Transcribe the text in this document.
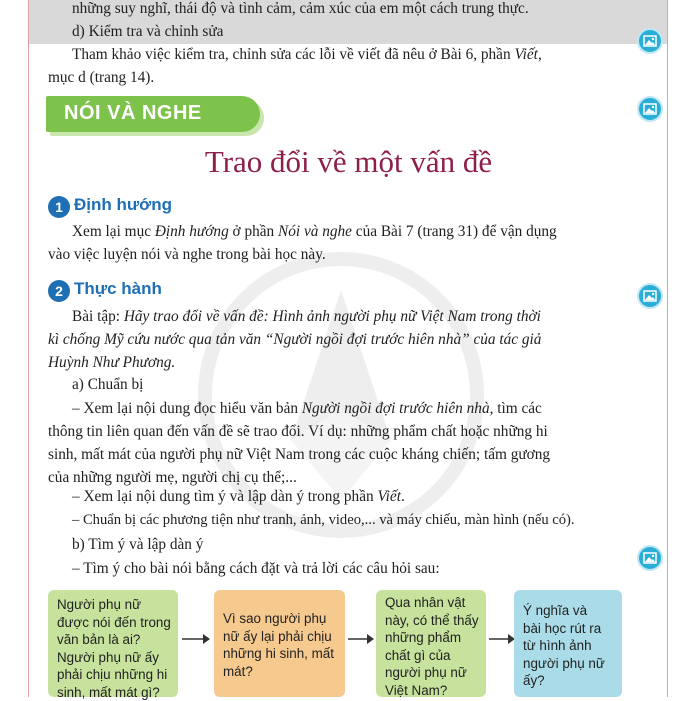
những suy nghĩ, thái độ và tình cảm, cảm xúc của em một cách trung thực.
d) Kiểm tra và chỉnh sửa
Tham khảo việc kiểm tra, chỉnh sửa các lỗi về viết đã nêu ở Bài 6, phần Viết,
mục d (trang 14).
NÓI VÀ NGHE
Trao đổi về một vấn đề
1 Định hướng
Xem lại mục Định hướng ở phần Nói và nghe của Bài 7 (trang 31) để vận dụng
vào việc luyện nói và nghe trong bài học này.
2 Thực hành
Bài tập: Hãy trao đổi về vấn đề: Hình ảnh người phụ nữ Việt Nam trong thời
kì chống Mỹ cứu nước qua tản văn “Người ngồi đợi trước hiên nhà” của tác giả
Huỳnh Như Phương.
a) Chuẩn bị
– Xem lại nội dung đọc hiểu văn bản Người ngồi đợi trước hiên nhà, tìm các
thông tin liên quan đến vấn đề sẽ trao đổi. Ví dụ: những phẩm chất hoặc những hi
sinh, mất mát của người phụ nữ Việt Nam trong các cuộc kháng chiến; tấm gương
của những người mẹ, người chị cụ thể;...
– Xem lại nội dung tìm ý và lập dàn ý trong phần Viết.
– Chuẩn bị các phương tiện như tranh, ảnh, video,... và máy chiếu, màn hình (nếu có).
b) Tìm ý và lập dàn ý
– Tìm ý cho bài nói bằng cách đặt và trả lời các câu hỏi sau:
Người phụ nữ
được nói đến trong
văn bản là ai?
Người phụ nữ ấy
phải chịu những hi
sinh, mất mát gì?
Vì sao người phụ
nữ ấy lại phải chịu
những hi sinh, mất
mát?
Qua nhân vật
này, có thể thấy
những phẩm
chất gì của
người phụ nữ
Việt Nam?
Ý nghĩa và
bài học rút ra
từ hình ảnh
người phụ nữ
ấy?
